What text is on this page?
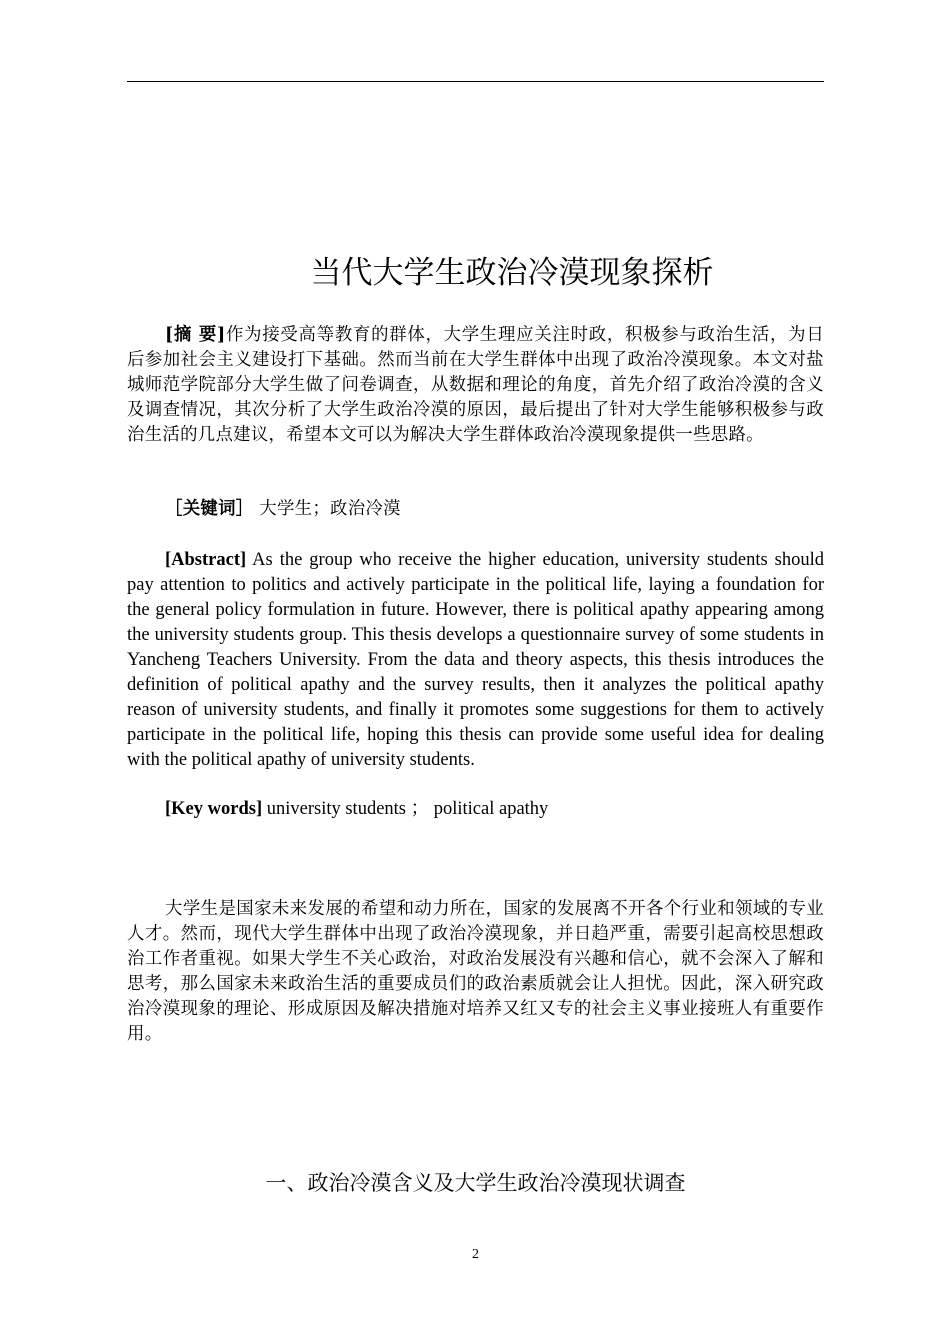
当代大学生政治冷漠现象探析
[摘 要]作为接受高等教育的群体，大学生理应关注时政，积极参与政治生活，为日后参加社会主义建设打下基础。然而当前在大学生群体中出现了政治冷漠现象。本文对盐城师范学院部分大学生做了问卷调查，从数据和理论的角度，首先介绍了政治冷漠的含义及调查情况，其次分析了大学生政治冷漠的原因，最后提出了针对大学生能够积极参与政治生活的几点建议，希望本文可以为解决大学生群体政治冷漠现象提供一些思路。
［关键词］ 大学生；政治冷漠
[Abstract] As the group who receive the higher education, university students should pay attention to politics and actively participate in the political life, laying a foundation for the general policy formulation in future. However, there is political apathy appearing among the university students group. This thesis develops a questionnaire survey of some students in Yancheng Teachers University. From the data and theory aspects, this thesis introduces the definition of political apathy and the survey results, then it analyzes the political apathy reason of university students, and finally it promotes some suggestions for them to actively participate in the political life, hoping this thesis can provide some useful idea for dealing with the political apathy of university students.
[Key words] university students ； political apathy
大学生是国家未来发展的希望和动力所在，国家的发展离不开各个行业和领域的专业人才。然而，现代大学生群体中出现了政治冷漠现象，并日趋严重，需要引起高校思想政治工作者重视。如果大学生不关心政治，对政治发展没有兴趣和信心，就不会深入了解和思考，那么国家未来政治生活的重要成员们的政治素质就会让人担忧。因此，深入研究政治冷漠现象的理论、形成原因及解决措施对培养又红又专的社会主义事业接班人有重要作用。
一、政治冷漠含义及大学生政治冷漠现状调查
2
